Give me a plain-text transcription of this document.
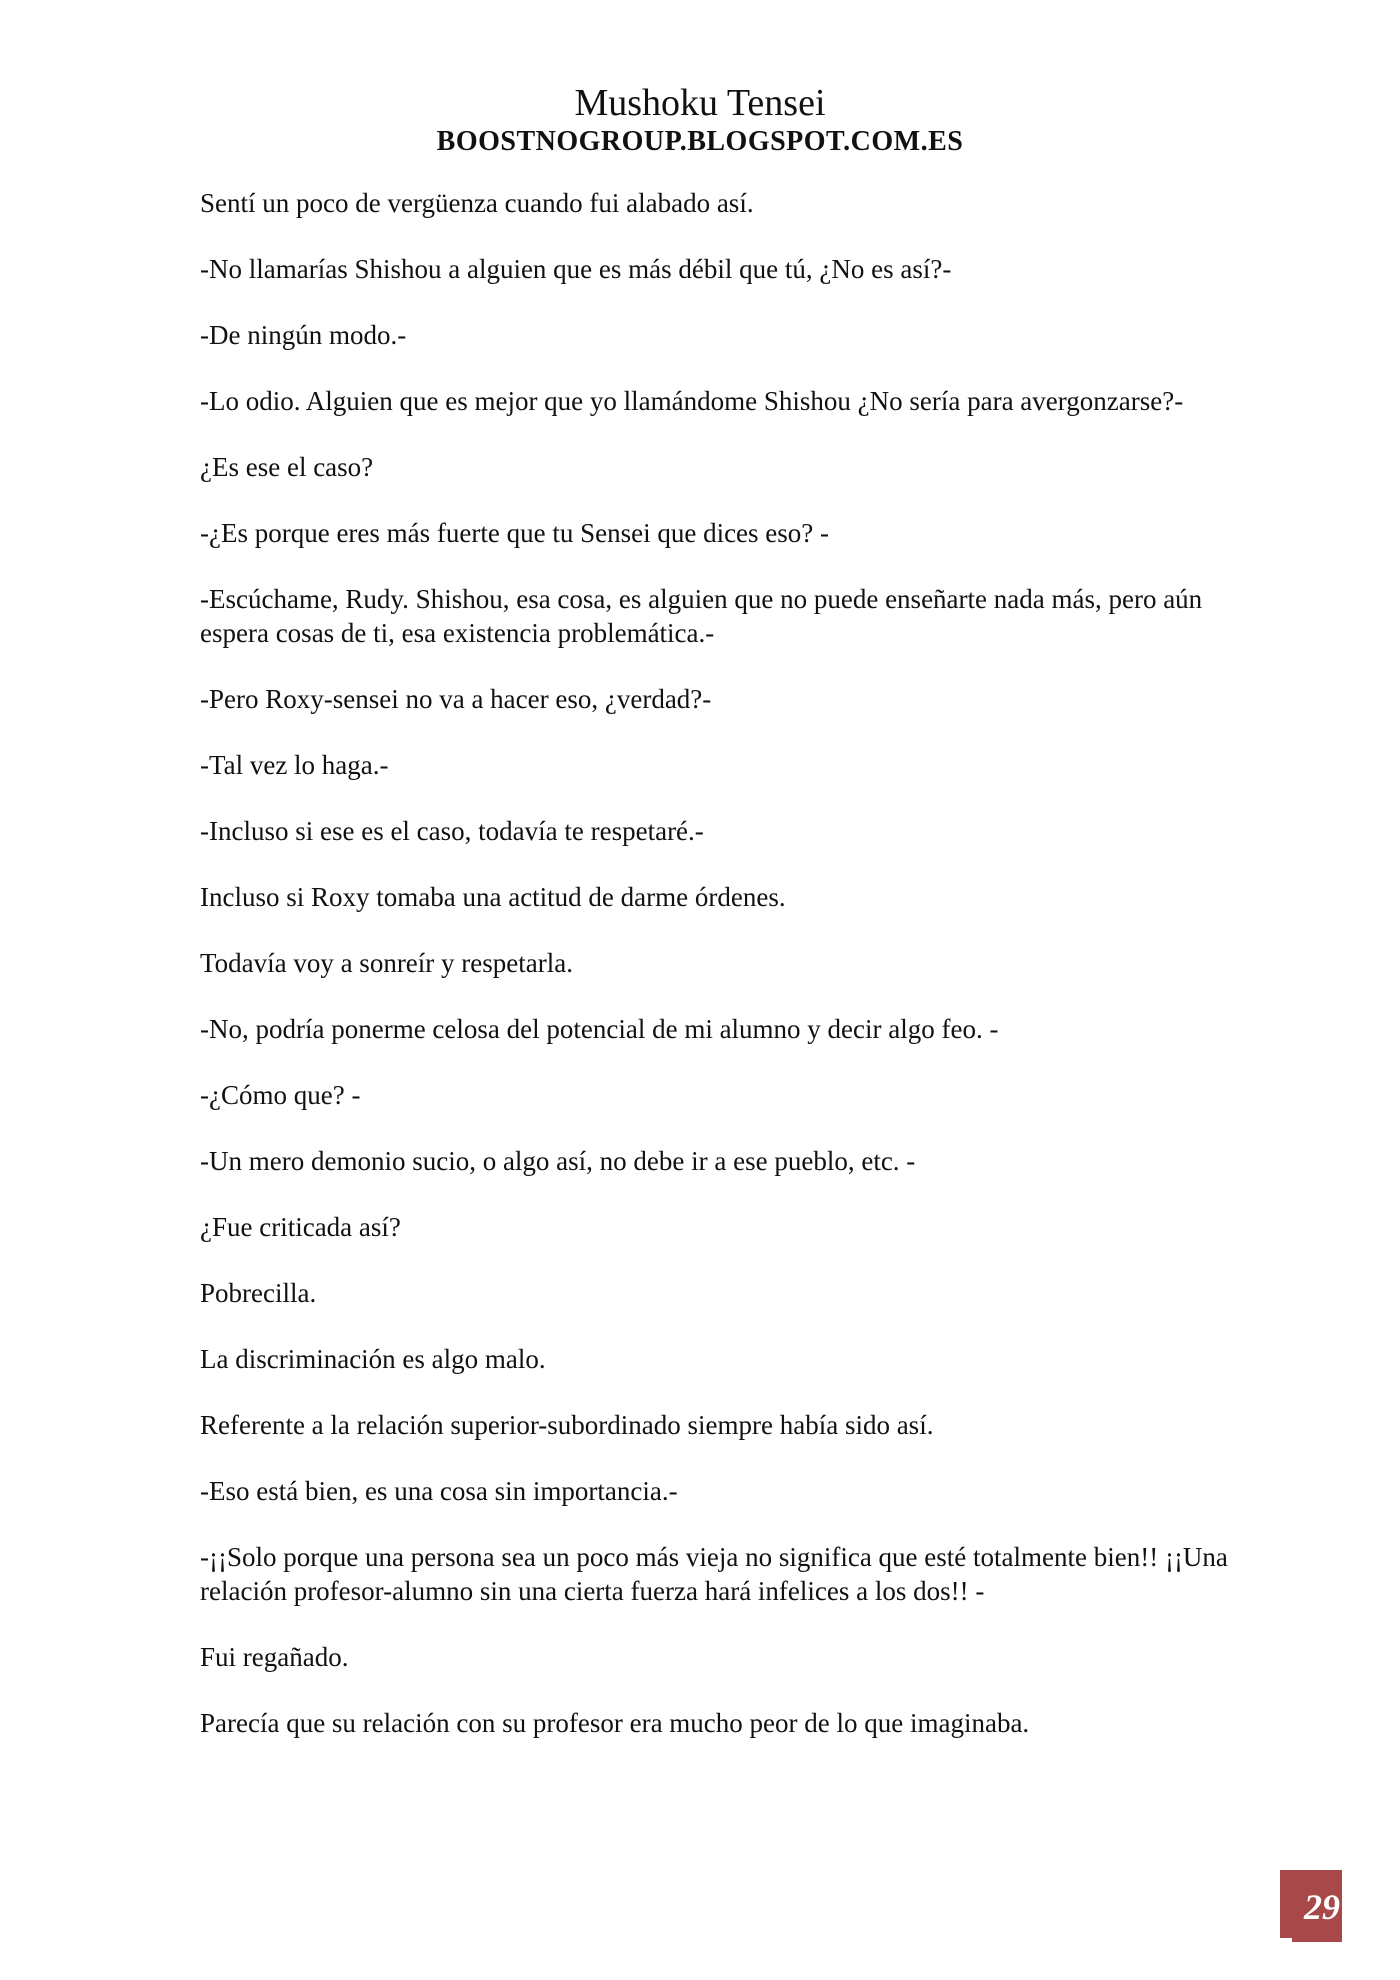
Mushoku Tensei
BOOSTNOGROUP.BLOGSPOT.COM.ES

Sentí un poco de vergüenza cuando fui alabado así.

-No llamarías Shishou a alguien que es más débil que tú, ¿No es así?-

-De ningún modo.-

-Lo odio. Alguien que es mejor que yo llamándome Shishou ¿No sería para avergonzarse?-

¿Es ese el caso?

-¿Es porque eres más fuerte que tu Sensei que dices eso? -

-Escúchame, Rudy. Shishou, esa cosa, es alguien que no puede enseñarte nada más, pero aún espera cosas de ti, esa existencia problemática.-

-Pero Roxy-sensei no va a hacer eso, ¿verdad?-

-Tal vez lo haga.-

-Incluso si ese es el caso, todavía te respetaré.-

Incluso si Roxy tomaba una actitud de darme órdenes.

Todavía voy a sonreír y respetarla.

-No, podría ponerme celosa del potencial de mi alumno y decir algo feo. -

-¿Cómo que? -

-Un mero demonio sucio, o algo así, no debe ir a ese pueblo, etc. -

¿Fue criticada así?

Pobrecilla.

La discriminación es algo malo.

Referente a la relación superior-subordinado siempre había sido así.

-Eso está bien, es una cosa sin importancia.-

-¡¡Solo porque una persona sea un poco más vieja no significa que esté totalmente bien!! ¡¡Una relación profesor-alumno sin una cierta fuerza hará infelices a los dos!! -

Fui regañado.

Parecía que su relación con su profesor era mucho peor de lo que imaginaba.

29
